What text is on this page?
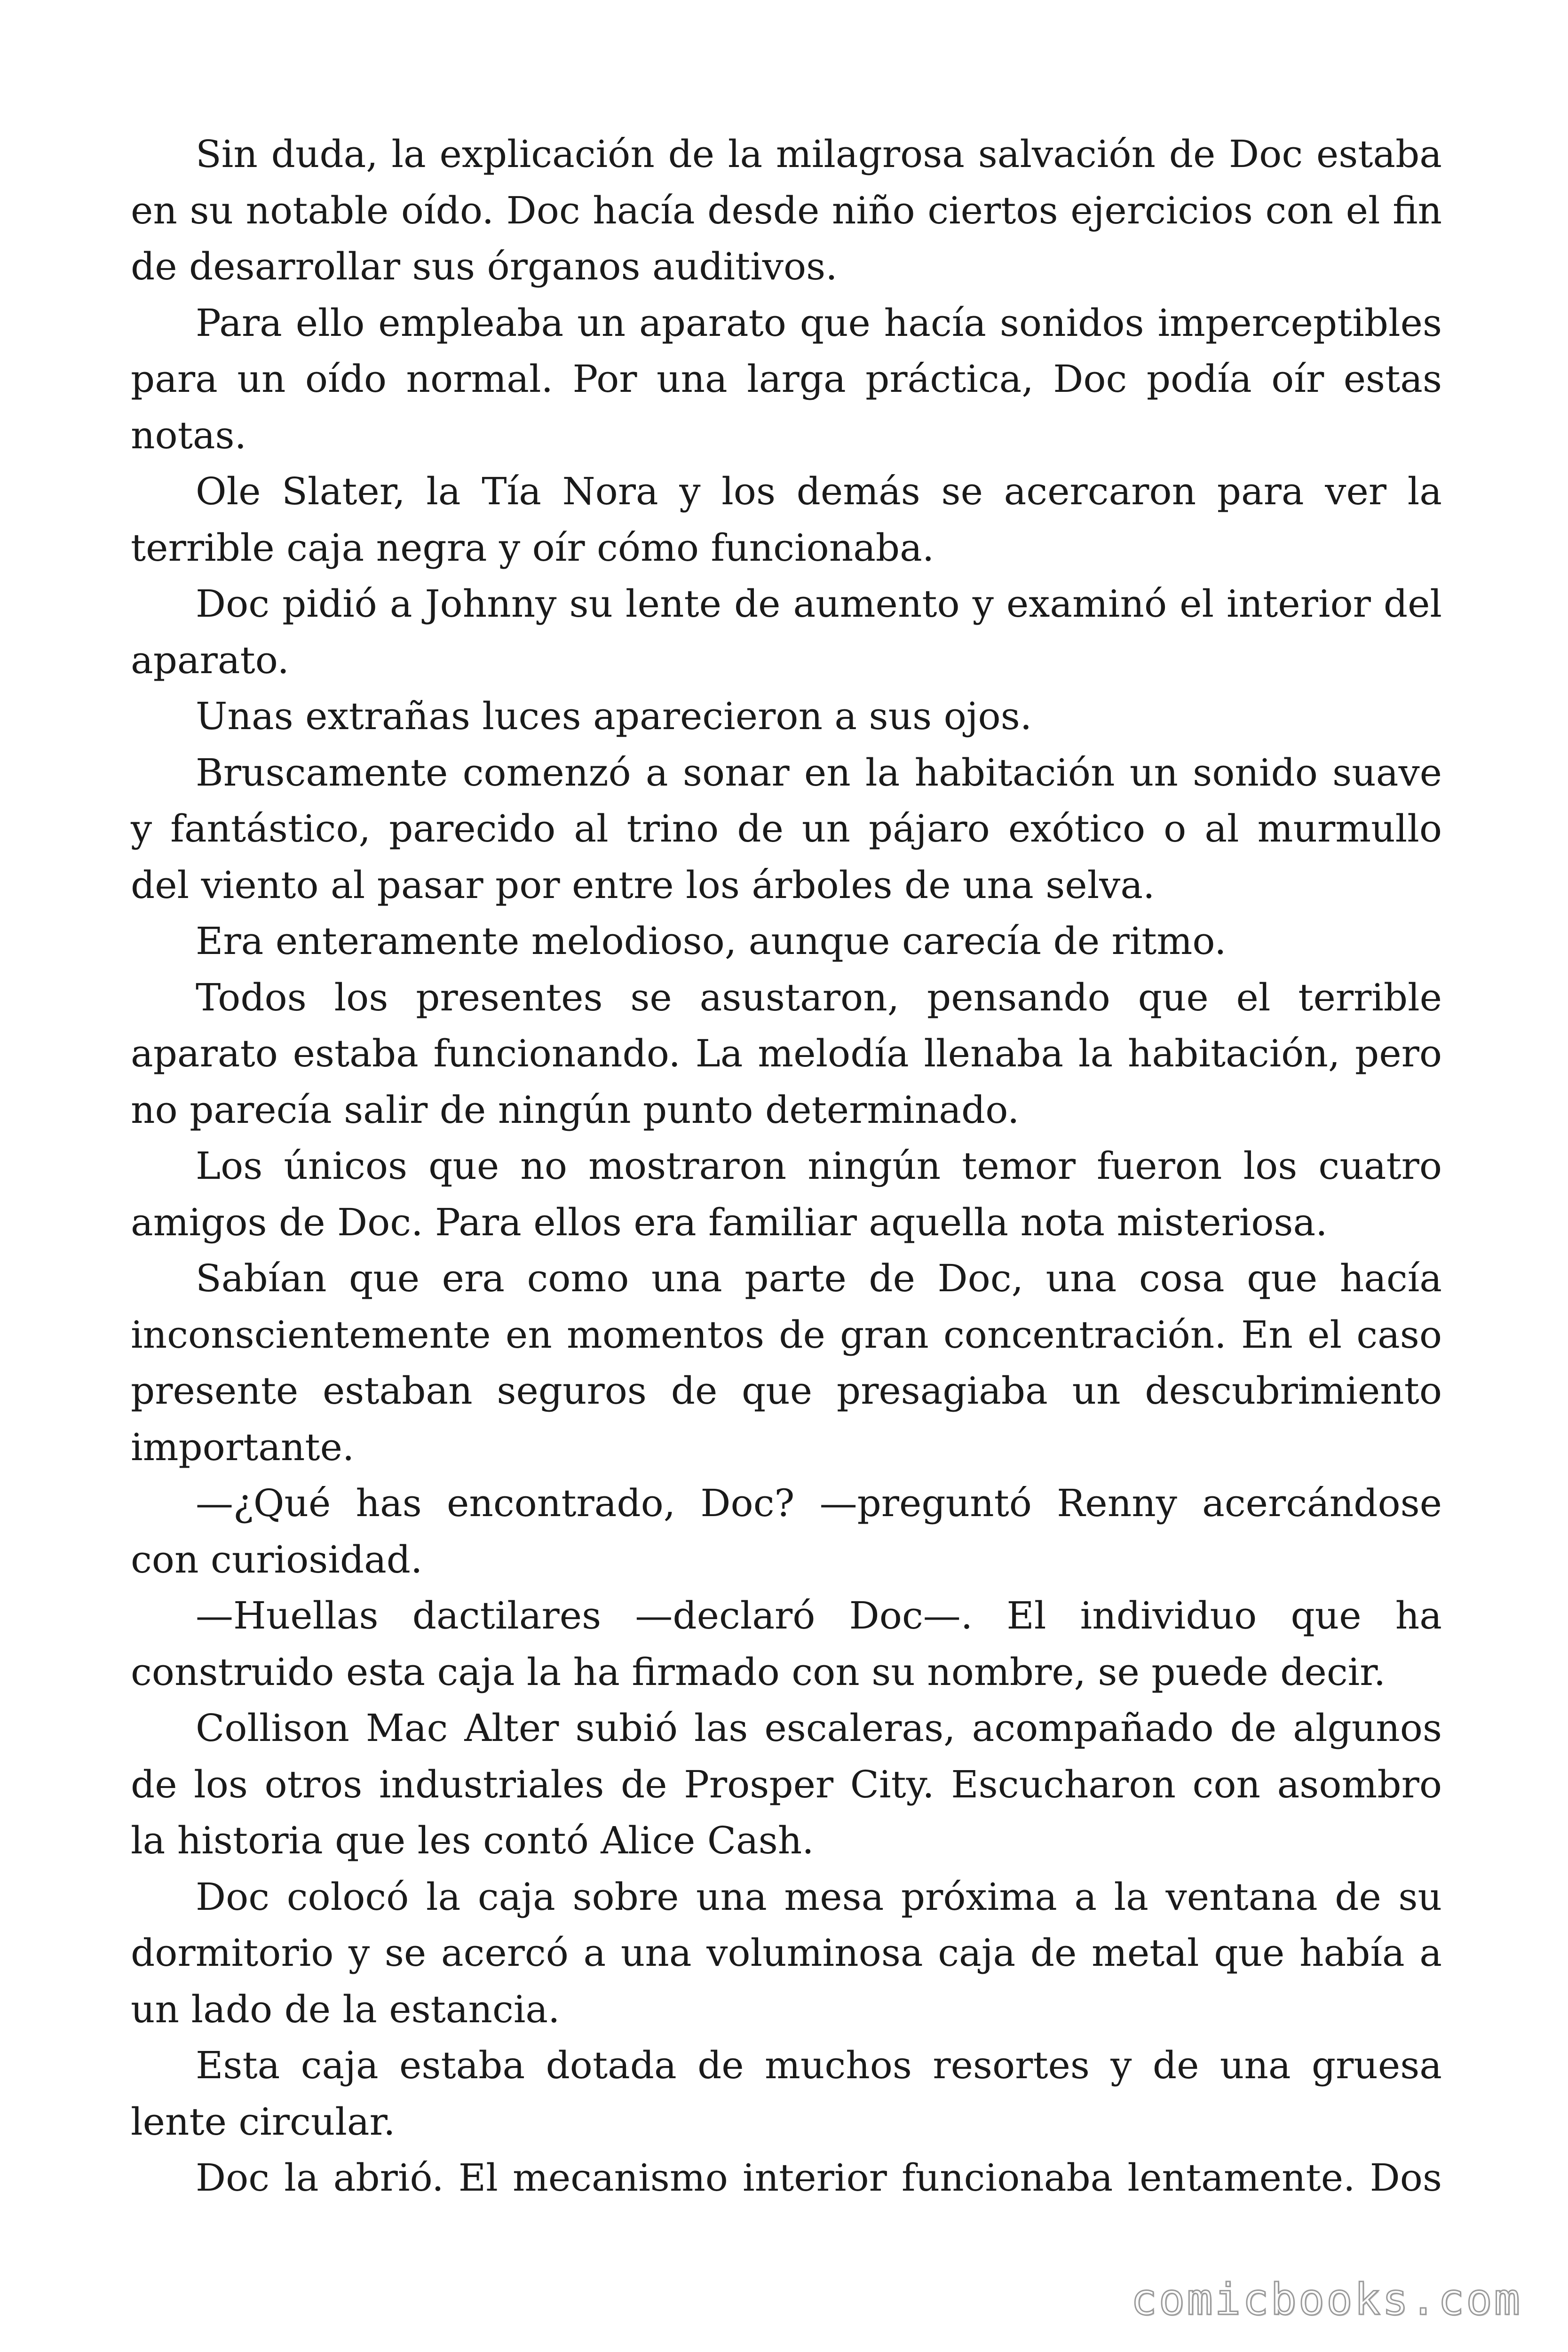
Sin duda, la explicación de la milagrosa salvación de Doc estaba en su notable oído. Doc hacía desde niño ciertos ejercicios con el fin de desarrollar sus órganos auditivos.

Para ello empleaba un aparato que hacía sonidos imperceptibles para un oído normal. Por una larga práctica, Doc podía oír estas notas.

Ole Slater, la Tía Nora y los demás se acercaron para ver la terrible caja negra y oír cómo funcionaba.

Doc pidió a Johnny su lente de aumento y examinó el interior del aparato.

Unas extrañas luces aparecieron a sus ojos.

Bruscamente comenzó a sonar en la habitación un sonido suave y fantástico, parecido al trino de un pájaro exótico o al murmullo del viento al pasar por entre los árboles de una selva.

Era enteramente melodioso, aunque carecía de ritmo.

Todos los presentes se asustaron, pensando que el terrible aparato estaba funcionando. La melodía llenaba la habitación, pero no parecía salir de ningún punto determinado.

Los únicos que no mostraron ningún temor fueron los cuatro amigos de Doc. Para ellos era familiar aquella nota misteriosa.

Sabían que era como una parte de Doc, una cosa que hacía inconscientemente en momentos de gran concentración. En el caso presente estaban seguros de que presagiaba un descubrimiento importante.

—¿Qué has encontrado, Doc? —preguntó Renny acercándose con curiosidad.

—Huellas dactilares —declaró Doc—. El individuo que ha construido esta caja la ha firmado con su nombre, se puede decir.

Collison Mac Alter subió las escaleras, acompañado de algunos de los otros industriales de Prosper City. Escucharon con asombro la historia que les contó Alice Cash.

Doc colocó la caja sobre una mesa próxima a la ventana de su dormitorio y se acercó a una voluminosa caja de metal que había a un lado de la estancia.

Esta caja estaba dotada de muchos resortes y de una gruesa lente circular.

Doc la abrió. El mecanismo interior funcionaba lentamente. Dos

comicbooks.com
